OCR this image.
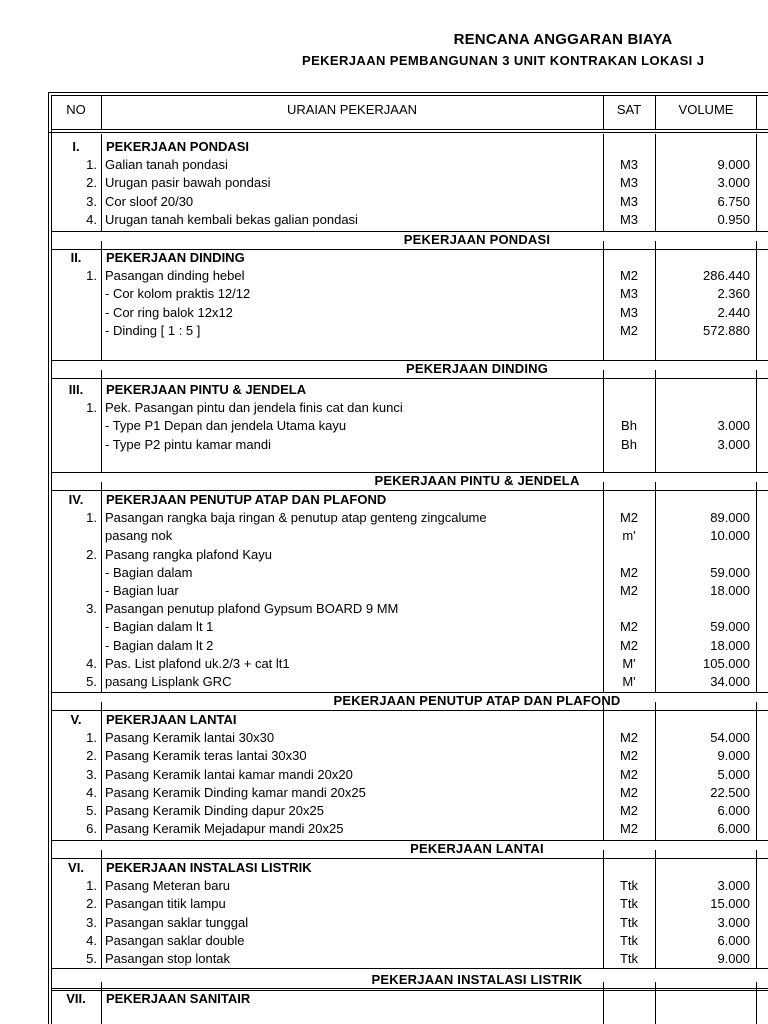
RENCANA ANGGARAN BIAYA
PEKERJAAN PEMBANGUNAN 3 UNIT KONTRAKAN LOKASI J
NO	URAIAN PEKERJAAN	SAT	VOLUME
I.	PEKERJAAN PONDASI
1. Galian tanah pondasi	M3	9.000
2. Urugan pasir bawah pondasi	M3	3.000
3. Cor sloof 20/30	M3	6.750
4. Urugan tanah kembali bekas galian pondasi	M3	0.950
PEKERJAAN PONDASI
II.	PEKERJAAN DINDING
1. Pasangan dinding hebel	M2	286.440
- Cor kolom praktis 12/12	M3	2.360
- Cor ring balok 12x12	M3	2.440
- Dinding [ 1 : 5 ]	M2	572.880
PEKERJAAN DINDING
III.	PEKERJAAN PINTU & JENDELA
1. Pek. Pasangan pintu dan jendela finis cat dan kunci
- Type P1 Depan dan jendela Utama kayu	Bh	3.000
- Type P2 pintu kamar mandi	Bh	3.000
PEKERJAAN PINTU & JENDELA
IV.	PEKERJAAN PENUTUP ATAP DAN PLAFOND
1. Pasangan rangka baja ringan & penutup atap genteng zingcalume	M2	89.000
pasang nok	m'	10.000
2. Pasang rangka plafond Kayu
- Bagian dalam	M2	59.000
- Bagian luar	M2	18.000
3. Pasangan penutup plafond Gypsum BOARD 9 MM
- Bagian dalam lt 1	M2	59.000
- Bagian dalam lt 2	M2	18.000
4. Pas. List plafond uk.2/3 + cat lt1	M'	105.000
5. pasang Lisplank GRC	M'	34.000
PEKERJAAN PENUTUP ATAP DAN PLAFOND
V.	PEKERJAAN LANTAI
1. Pasang Keramik lantai 30x30	M2	54.000
2. Pasang Keramik teras lantai 30x30	M2	9.000
3. Pasang Keramik lantai kamar mandi 20x20	M2	5.000
4. Pasang Keramik Dinding kamar mandi 20x25	M2	22.500
5. Pasang Keramik Dinding dapur 20x25	M2	6.000
6. Pasang Keramik Mejadapur mandi 20x25	M2	6.000
PEKERJAAN LANTAI
VI.	PEKERJAAN INSTALASI LISTRIK
1. Pasang Meteran baru	Ttk	3.000
2. Pasangan titik lampu	Ttk	15.000
3. Pasangan saklar tunggal	Ttk	3.000
4. Pasangan saklar double	Ttk	6.000
5. Pasangan stop lontak	Ttk	9.000
PEKERJAAN INSTALASI LISTRIK
VII.	PEKERJAAN SANITAIR
